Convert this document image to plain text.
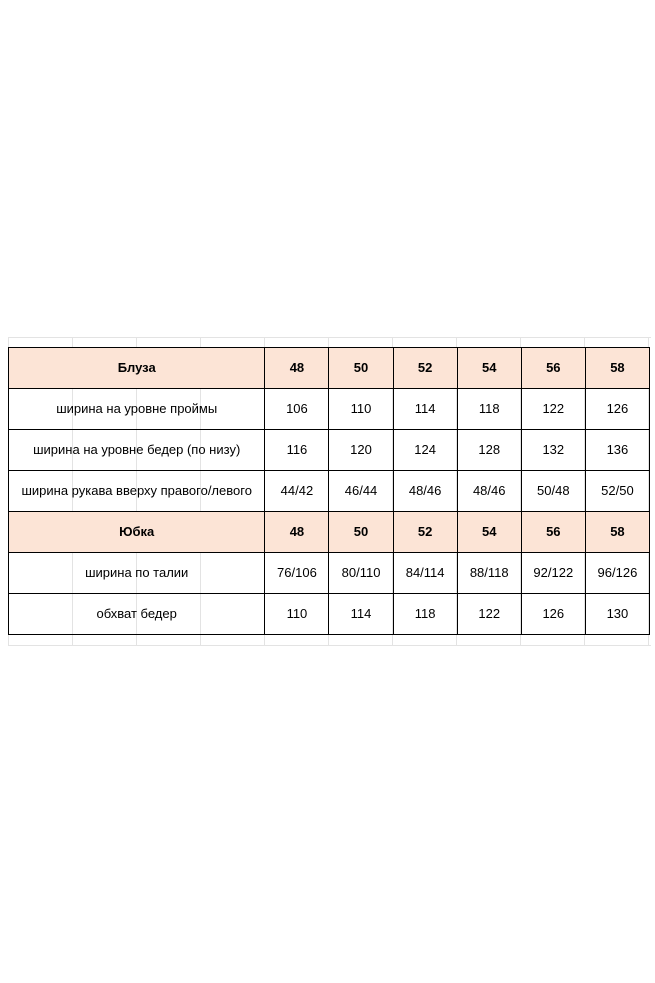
Блуза	48	50	52	54	56	58
ширина на уровне проймы	106	110	114	118	122	126
ширина на уровне бедер (по низу)	116	120	124	128	132	136
ширина рукава вверху правого/левого	44/42	46/44	48/46	48/46	50/48	52/50
Юбка	48	50	52	54	56	58
ширина по талии	76/106	80/110	84/114	88/118	92/122	96/126
обхват бедер	110	114	118	122	126	130
